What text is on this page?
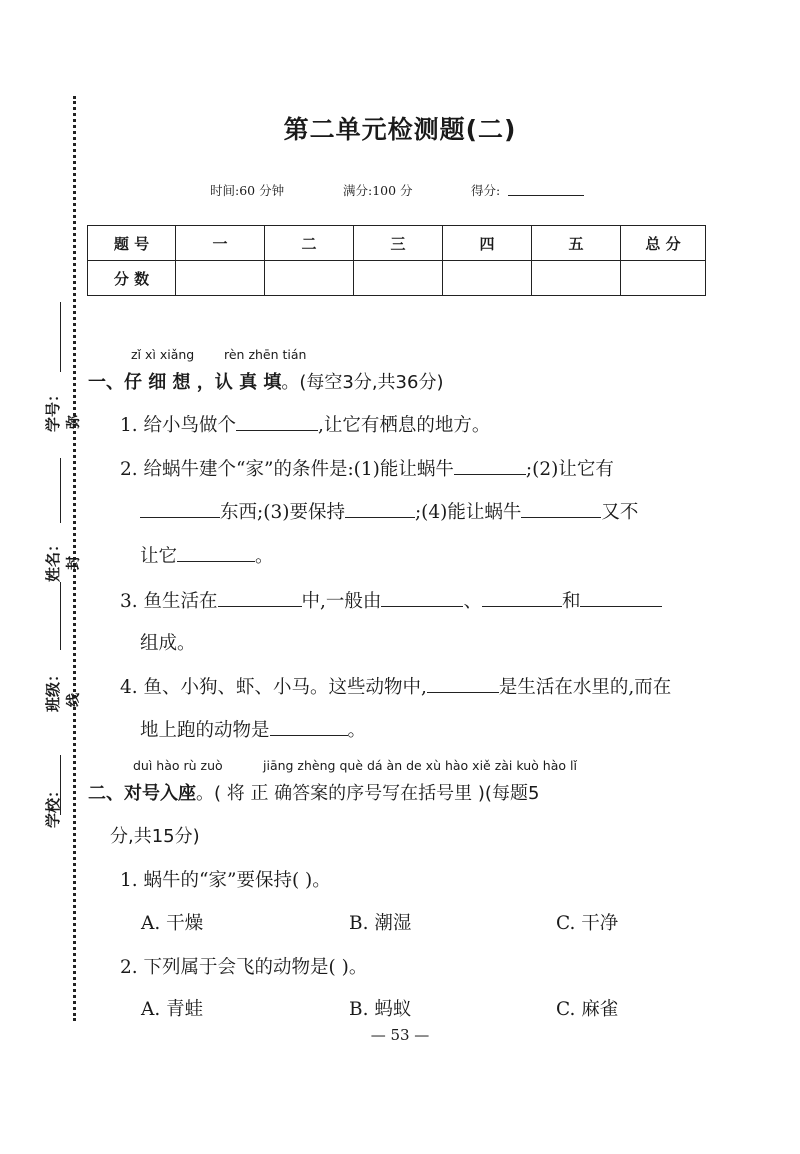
学校：
班级：
姓名：
学号： 弥
封
线
第二单元检测题(二)
时间:60 分钟	满分:100 分	得分:
题 号	一	二	三	四	五	总 分
分 数						
zǐ xì xiǎng rèn zhēn tián
一、仔 细 想 ，认 真 填。(每空3分,共36分)
1. 给小鸟做个	,让它有栖息的地方。
2. 给蜗牛建个“家”的条件是:(1)能让蜗牛	;(2)让它有
东西;(3)要保持	;(4)能让蜗牛	又不
让它	。
3. 鱼生活在	中,一般由	、	和
组成。
4. 鱼、小狗、虾、小马。这些动物中,	是生活在水里的,而在
地上跑的动物是	。
duì hào rù zuò	jiāng zhèng què dá àn de xù hào xiě zài kuò hào lǐ
二、对号入座。( 将 正 确答案的序号写在括号里 )(每题5
分,共15分)
1. 蜗牛的“家”要保持( )。
A. 干燥	B. 潮湿	C. 干净
2. 下列属于会飞的动物是( )。
A. 青蛙	B. 蚂蚁	C. 麻雀
— 53 —
